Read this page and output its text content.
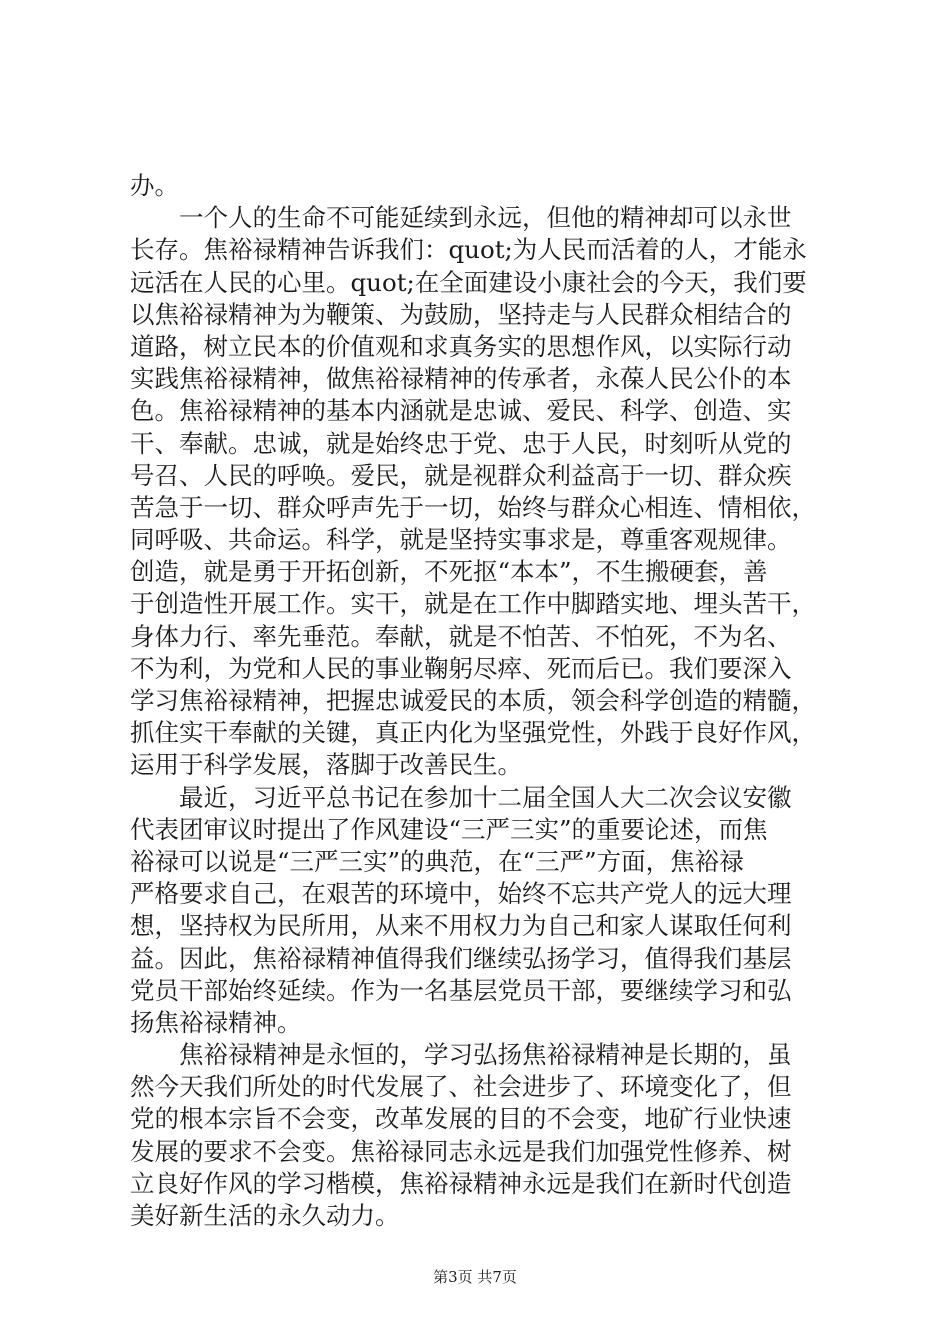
办。
一个人的生命不可能延续到永远，但他的精神却可以永世
长存。焦裕禄精神告诉我们：quot;为人民而活着的人，才能永
远活在人民的心里。quot;在全面建设小康社会的今天，我们要
以焦裕禄精神为为鞭策、为鼓励，坚持走与人民群众相结合的
道路，树立民本的价值观和求真务实的思想作风，以实际行动
实践焦裕禄精神，做焦裕禄精神的传承者，永葆人民公仆的本
色。焦裕禄精神的基本内涵就是忠诚、爱民、科学、创造、实
干、奉献。忠诚，就是始终忠于党、忠于人民，时刻听从党的
号召、人民的呼唤。爱民，就是视群众利益高于一切、群众疾
苦急于一切、群众呼声先于一切，始终与群众心相连、情相依，
同呼吸、共命运。科学，就是坚持实事求是，尊重客观规律。
创造，就是勇于开拓创新，不死抠“本本”，不生搬硬套，善
于创造性开展工作。实干，就是在工作中脚踏实地、埋头苦干，
身体力行、率先垂范。奉献，就是不怕苦、不怕死，不为名、
不为利，为党和人民的事业鞠躬尽瘁、死而后已。我们要深入
学习焦裕禄精神，把握忠诚爱民的本质，领会科学创造的精髓，
抓住实干奉献的关键，真正内化为坚强党性，外践于良好作风，
运用于科学发展，落脚于改善民生。
最近，习近平总书记在参加十二届全国人大二次会议安徽
代表团审议时提出了作风建设“三严三实”的重要论述，而焦
裕禄可以说是“三严三实”的典范，在“三严”方面，焦裕禄
严格要求自己，在艰苦的环境中，始终不忘共产党人的远大理
想，坚持权为民所用，从来不用权力为自己和家人谋取任何利
益。因此，焦裕禄精神值得我们继续弘扬学习，值得我们基层
党员干部始终延续。作为一名基层党员干部，要继续学习和弘
扬焦裕禄精神。
焦裕禄精神是永恒的，学习弘扬焦裕禄精神是长期的，虽
然今天我们所处的时代发展了、社会进步了、环境变化了，但
党的根本宗旨不会变，改革发展的目的不会变，地矿行业快速
发展的要求不会变。焦裕禄同志永远是我们加强党性修养、树
立良好作风的学习楷模，焦裕禄精神永远是我们在新时代创造
美好新生活的永久动力。
第3页 共7页
